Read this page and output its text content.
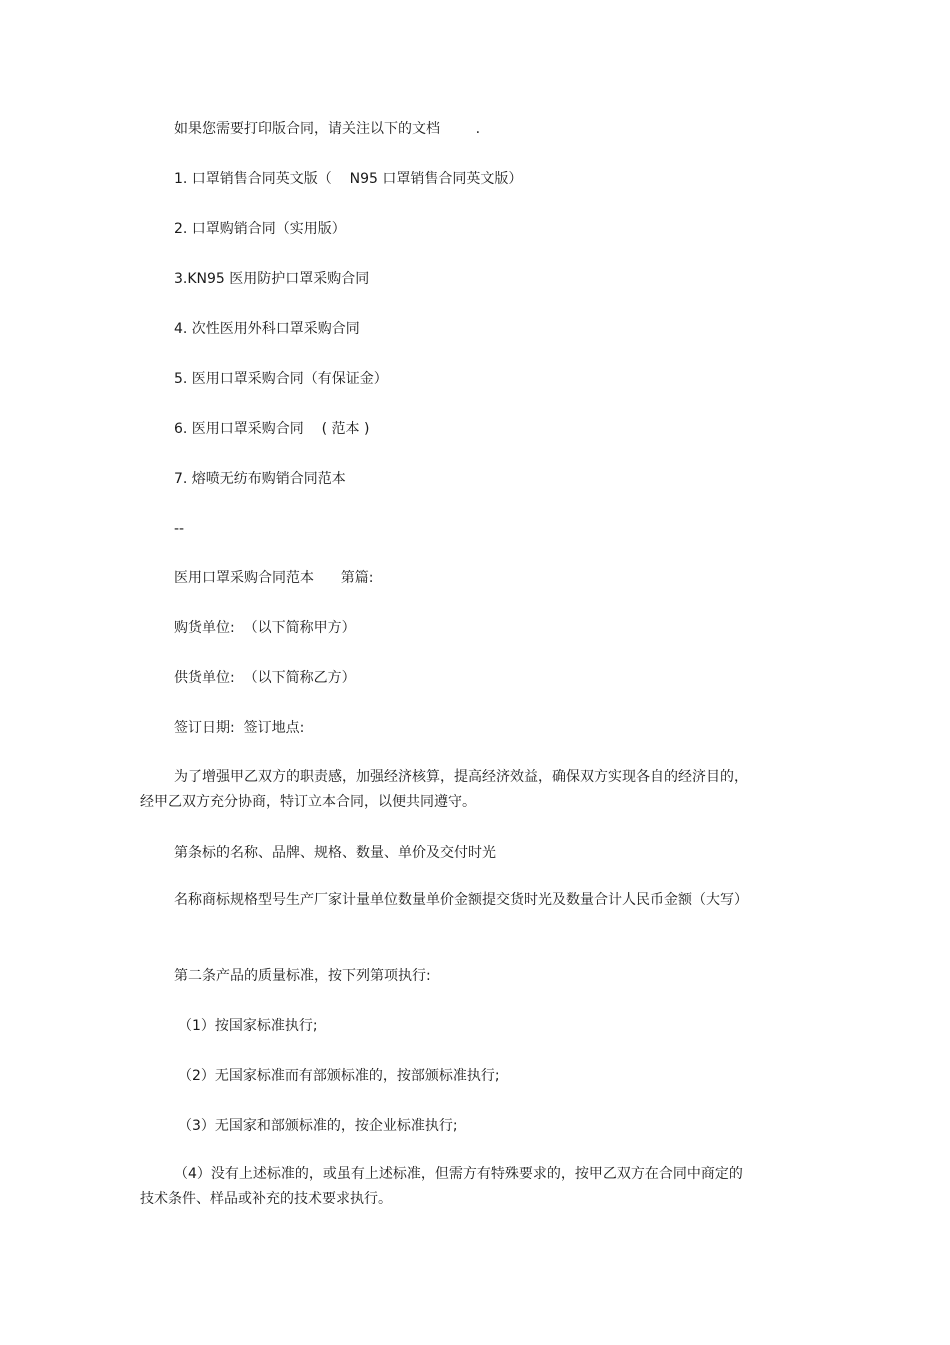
如果您需要打印版合同，请关注以下的文档        .

1. 口罩销售合同英文版（    N95 口罩销售合同英文版）

2. 口罩购销合同（实用版）

3.KN95 医用防护口罩采购合同

4. 次性医用外科口罩采购合同

5. 医用口罩采购合同（有保证金）

6. 医用口罩采购合同    ( 范本 )

7. 熔喷无纺布购销合同范本

--

医用口罩采购合同范本      第篇:

购货单位:  （以下简称甲方）

供货单位:  （以下简称乙方）

签订日期:  签订地点:

为了增强甲乙双方的职责感，加强经济核算，提高经济效益，确保双方实现各自的经济目的，经甲乙双方充分协商，特订立本合同，以便共同遵守。

第条标的名称、品牌、规格、数量、单价及交付时光

名称商标规格型号生产厂家计量单位数量单价金额提交货时光及数量合计人民币金额（大写）

第二条产品的质量标准，按下列第项执行:

（1）按国家标准执行;

（2）无国家标准而有部颁标准的，按部颁标准执行;

（3）无国家和部颁标准的，按企业标准执行;

（4）没有上述标准的，或虽有上述标准，但需方有特殊要求的，按甲乙双方在合同中商定的技术条件、样品或补充的技术要求执行。
